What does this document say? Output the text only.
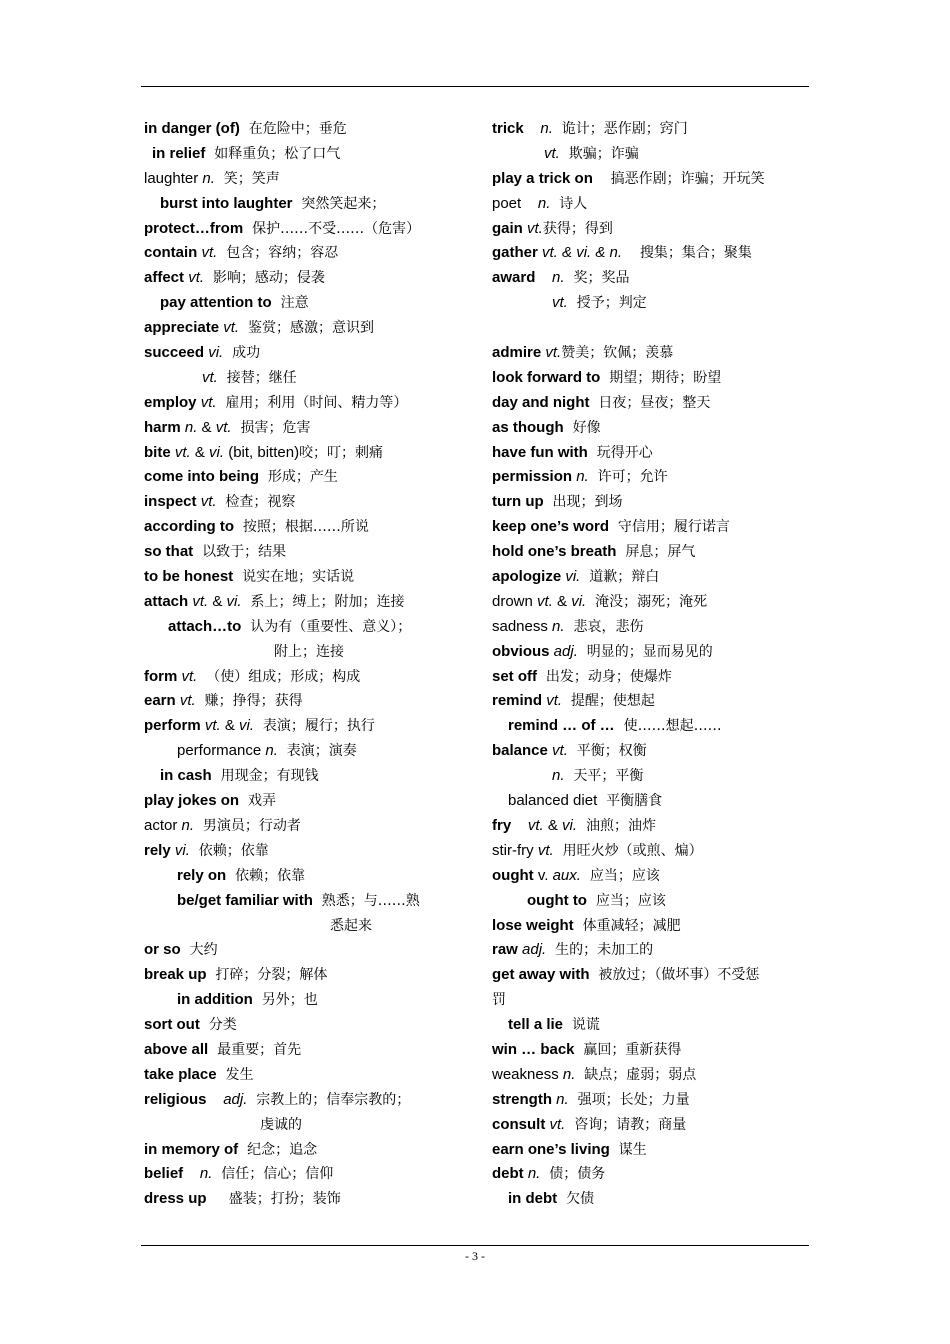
in danger (of)  在危险中；垂危
in relief  如释重负；松了口气
laughter n.  笑；笑声
burst into laughter  突然笑起来；
protect…from  保护……不受……（危害）
contain vt.  包含；容纳；容忍
affect vt.  影响；感动；侵袭
pay attention to  注意
appreciate vt.  鉴赏；感激；意识到
succeed vi.  成功
vt.  接替；继任
employ vt.  雇用；利用（时间、精力等）
harm n. & vt.  损害；危害
bite vt. & vi. (bit, bitten)咬；叮；刺痛
come into being  形成；产生
inspect vt.  检查；视察
according to  按照；根据……所说
so that  以致于；结果
to be honest  说实在地；实话说
attach vt. & vi.  系上；缚上；附加；连接
attach…to  认为有（重要性、意义）；
附上；连接
form vt.  （使）组成；形成；构成
earn vt.  赚；挣得；获得
perform vt. & vi.  表演；履行；执行
performance n.  表演；演奏
in cash  用现金；有现钱
play jokes on  戏弄
actor n.  男演员；行动者
rely vi.  依赖；依靠
rely on  依赖；依靠
be/get familiar with  熟悉；与……熟
悉起来
or so  大约
break up  打碎；分裂；解体
in addition  另外；也
sort out  分类
above all  最重要；首先
take place  发生
religious adj.  宗教上的；信奉宗教的；
虔诚的
in memory of  纪念；追念
belief n.  信任；信心；信仰
dress up     盛装；打扮；装饰
trick n.  诡计；恶作剧；窍门
vt.  欺骗；诈骗
play a trick on    搞恶作剧；诈骗；开玩笑
poet n.  诗人
gain vt.获得；得到
gather vt. & vi. & n.    搜集；集合；聚集
award n.  奖；奖品
vt.  授予；判定
admire vt.赞美；钦佩；羡慕
look forward to  期望；期待；盼望
day and night  日夜；昼夜；整天
as though  好像
have fun with  玩得开心
permission n.  许可；允许
turn up  出现；到场
keep one’s word  守信用；履行诺言
hold one’s breath  屏息；屏气
apologize vi.  道歉；辩白
drown vt. & vi.  淹没；溺死；淹死
sadness n.  悲哀，悲伤
obvious adj.  明显的；显而易见的
set off  出发；动身；使爆炸
remind vt.  提醒；使想起
remind … of …  使……想起……
balance vt.  平衡；权衡
n.  天平；平衡
balanced diet  平衡膳食
fry vt. & vi.  油煎；油炸
stir-fry vt.  用旺火炒（或煎、煸）
ought v. aux.  应当；应该
ought to  应当；应该
lose weight  体重减轻；减肥
raw adj.  生的；未加工的
get away with  被放过；（做坏事）不受惩
罚
tell a lie  说谎
win … back  赢回；重新获得
weakness n.  缺点；虚弱；弱点
strength n.  强项；长处；力量
consult vt.  咨询；请教；商量
earn one’s living  谋生
debt n.  债；债务
in debt  欠债
- 3 -
